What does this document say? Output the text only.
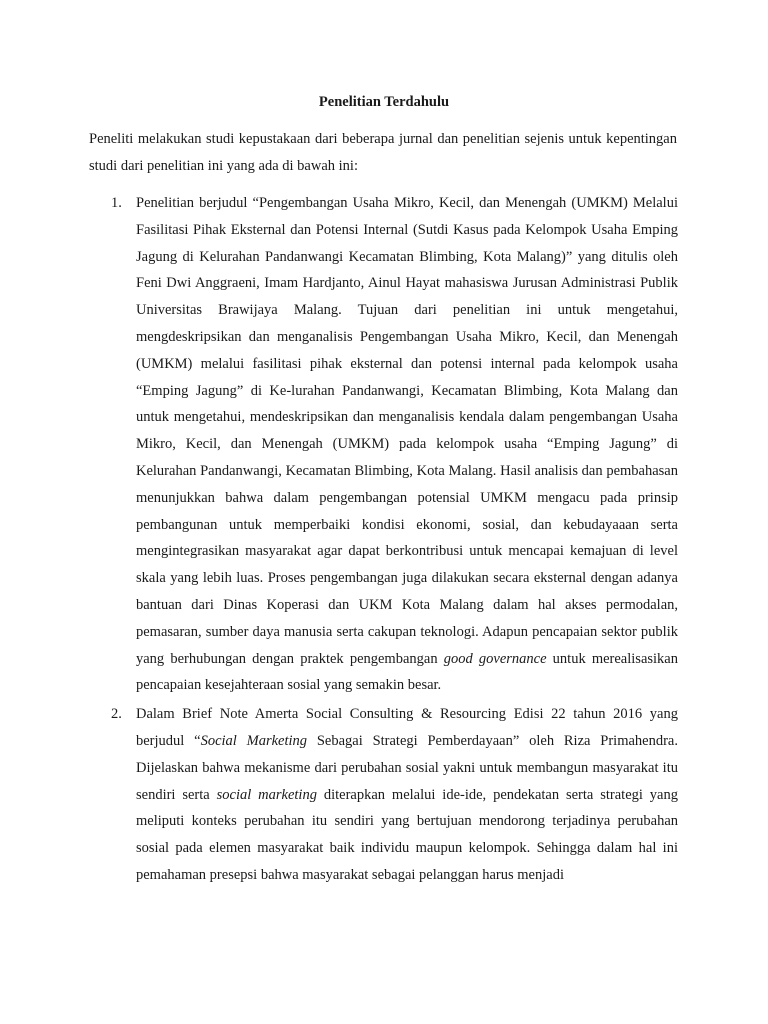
Penelitian Terdahulu

Peneliti melakukan studi kepustakaan dari beberapa jurnal dan penelitian sejenis untuk kepentingan studi dari penelitian ini yang ada di bawah ini:

1. Penelitian berjudul “Pengembangan Usaha Mikro, Kecil, dan Menengah (UMKM) Melalui Fasilitasi Pihak Eksternal dan Potensi Internal (Sutdi Kasus pada Kelompok Usaha Emping Jagung di Kelurahan Pandanwangi Kecamatan Blimbing, Kota Malang)” yang ditulis oleh Feni Dwi Anggraeni, Imam Hardjanto, Ainul Hayat mahasiswa Jurusan Administrasi Publik Universitas Brawijaya Malang. Tujuan dari penelitian ini untuk mengetahui, mengdeskripsikan dan menganalisis Pengembangan Usaha Mikro, Kecil, dan Menengah (UMKM) melalui fasilitasi pihak eksternal dan potensi internal pada kelompok usaha “Emping Jagung” di Ke-lurahan Pandanwangi, Kecamatan Blimbing, Kota Malang dan untuk mengetahui, mendeskripsikan dan menganalisis kendala dalam pengembangan Usaha Mikro, Kecil, dan Menengah (UMKM) pada kelompok usaha “Emping Jagung” di Kelurahan Pandanwangi, Kecamatan Blimbing, Kota Malang. Hasil analisis dan pembahasan menunjukkan bahwa dalam pengembangan potensial UMKM mengacu pada prinsip pembangunan untuk memperbaiki kondisi ekonomi, sosial, dan kebudayaaan serta mengintegrasikan masyarakat agar dapat berkontribusi untuk mencapai kemajuan di level skala yang lebih luas. Proses pengembangan juga dilakukan secara eksternal dengan adanya bantuan dari Dinas Koperasi dan UKM Kota Malang dalam hal akses permodalan, pemasaran, sumber daya manusia serta cakupan teknologi. Adapun pencapaian sektor publik yang berhubungan dengan praktek pengembangan good governance untuk merealisasikan pencapaian kesejahteraan sosial yang semakin besar.
2. Dalam Brief Note Amerta Social Consulting & Resourcing Edisi 22 tahun 2016 yang berjudul “Social Marketing Sebagai Strategi Pemberdayaan” oleh Riza Primahendra. Dijelaskan bahwa mekanisme dari perubahan sosial yakni untuk membangun masyarakat itu sendiri serta social marketing diterapkan melalui ide-ide, pendekatan serta strategi yang meliputi konteks perubahan itu sendiri yang bertujuan mendorong terjadinya perubahan sosial pada elemen masyarakat baik individu maupun kelompok. Sehingga dalam hal ini pemahaman presepsi bahwa masyarakat sebagai pelanggan harus menjadi
